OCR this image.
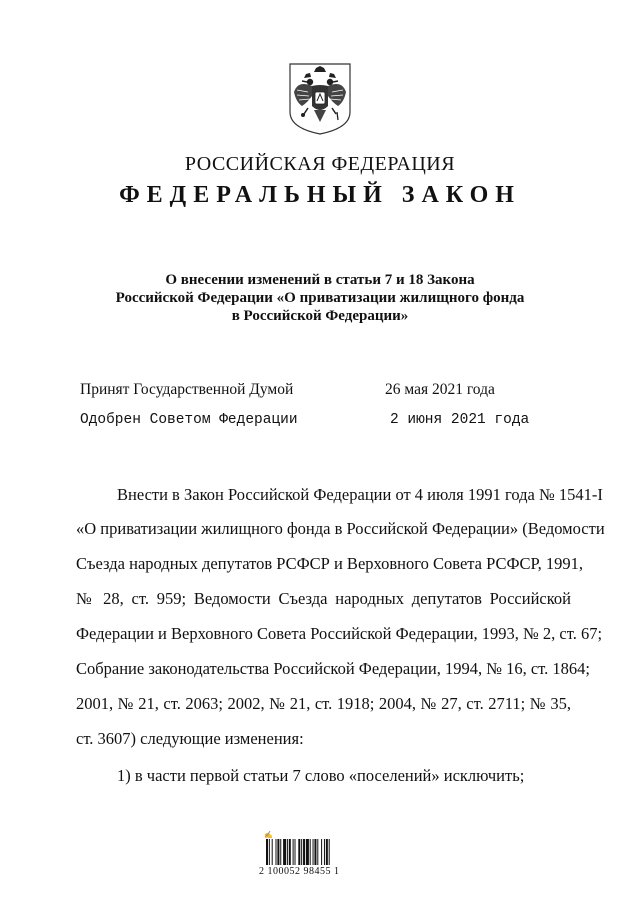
РОССИЙСКАЯ ФЕДЕРАЦИЯ
ФЕДЕРАЛЬНЫЙ ЗАКОН
О внесении изменений в статьи 7 и 18 Закона
Российской Федерации «О приватизации жилищного фонда
в Российской Федерации»
Принят Государственной Думой	26 мая 2021 года
Одобрен Советом Федерации	2 июня 2021 года
Внести в Закон Российской Федерации от 4 июля 1991 года № 1541-I
«О приватизации жилищного фонда в Российской Федерации» (Ведомости
Съезда народных депутатов РСФСР и Верховного Совета РСФСР, 1991,
№ 28, ст. 959; Ведомости Съезда народных депутатов Российской
Федерации и Верховного Совета Российской Федерации, 1993, № 2, ст. 67;
Собрание законодательства Российской Федерации, 1994, № 16, ст. 1864;
2001, № 21, ст. 2063; 2002, № 21, ст. 1918; 2004, № 27, ст. 2711; № 35,
ст. 3607) следующие изменения:
1) в части первой статьи 7 слово «поселений» исключить;
✍
2 100052 98455 1
